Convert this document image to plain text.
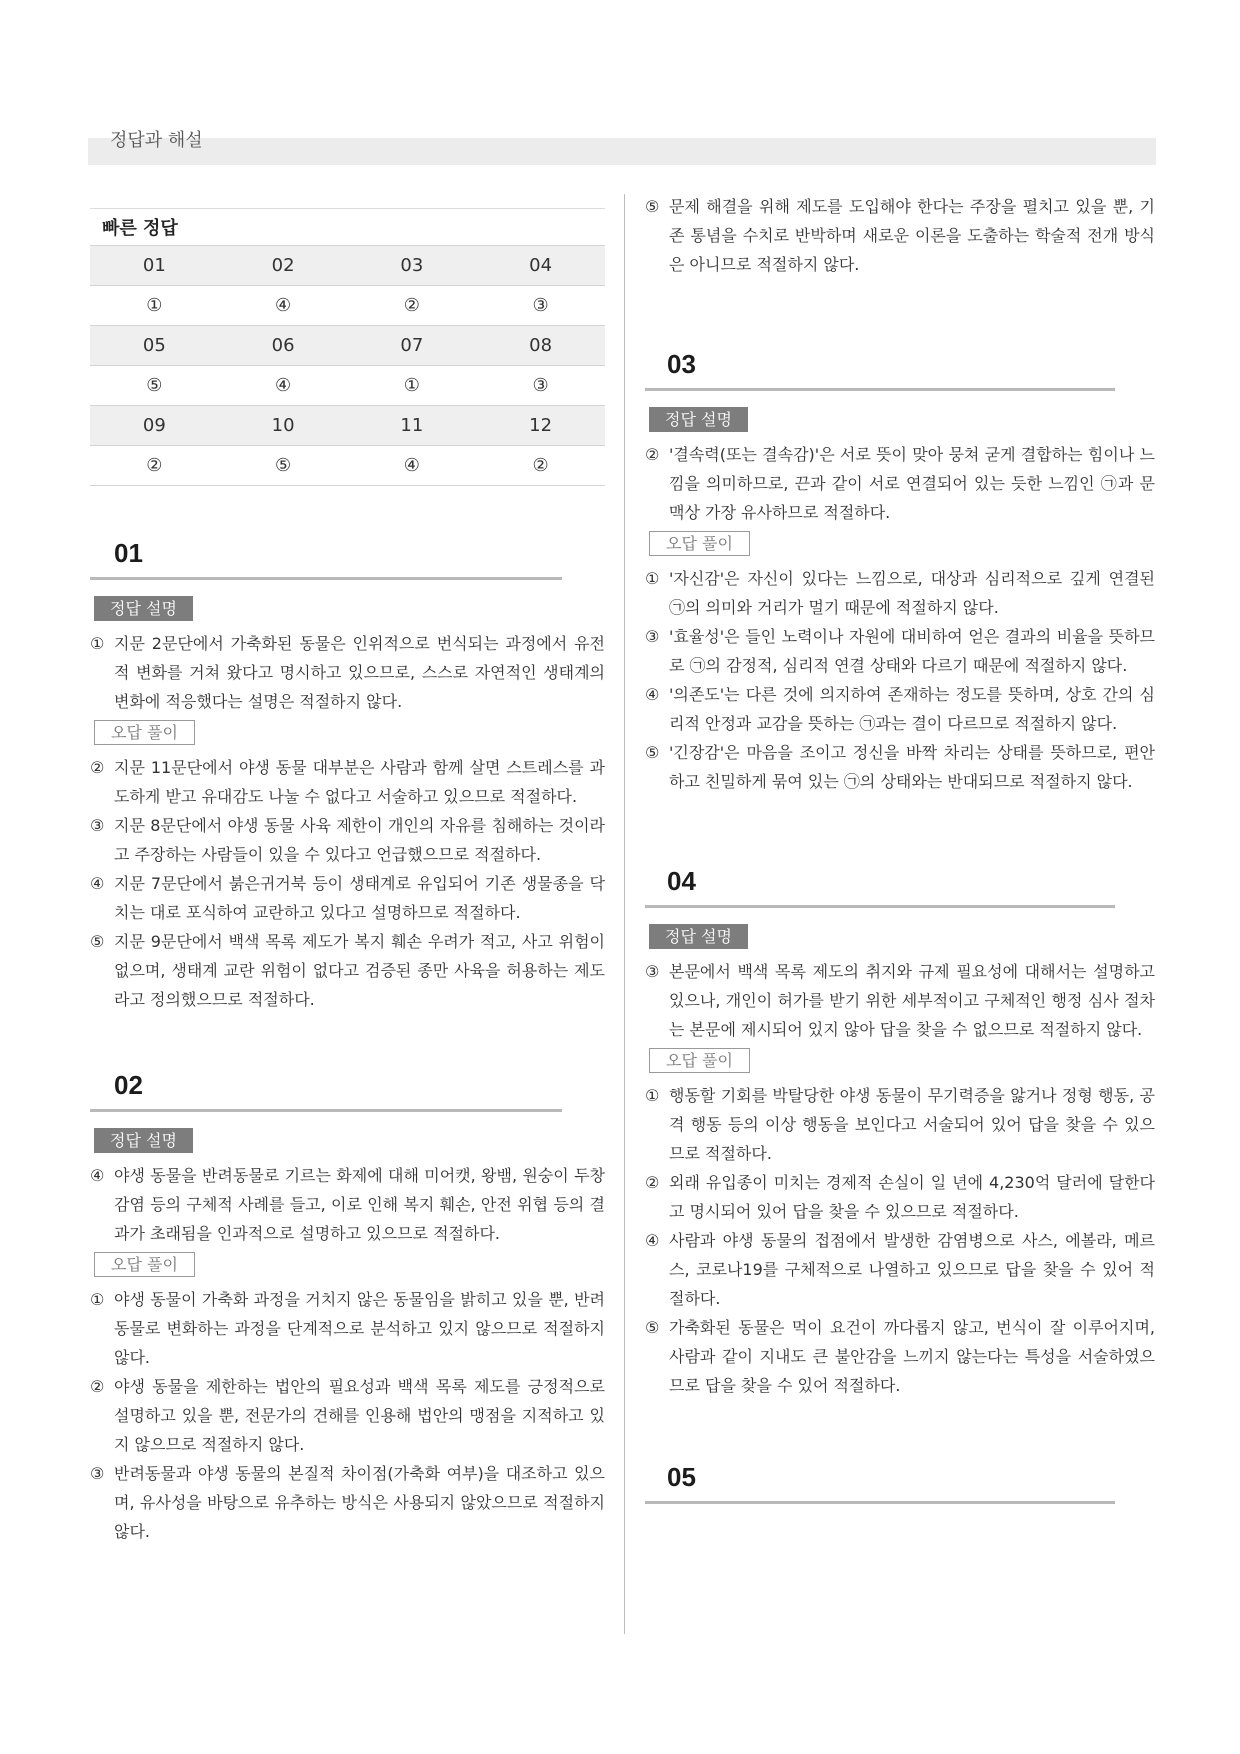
정답과 해설
빠른 정답
01	02	03	04
①	④	②	③
05	06	07	08
⑤	④	①	③
09	10	11	12
②	⑤	④	②
01
정답 설명
① 지문 2문단에서 가축화된 동물은 인위적으로 번식되는 과정에서 유전적 변화를 거쳐 왔다고 명시하고 있으므로, 스스로 자연적인 생태계의 변화에 적응했다는 설명은 적절하지 않다.
오답 풀이
② 지문 11문단에서 야생 동물 대부분은 사람과 함께 살면 스트레스를 과도하게 받고 유대감도 나눌 수 없다고 서술하고 있으므로 적절하다.
③ 지문 8문단에서 야생 동물 사육 제한이 개인의 자유를 침해하는 것이라고 주장하는 사람들이 있을 수 있다고 언급했으므로 적절하다.
④ 지문 7문단에서 붉은귀거북 등이 생태계로 유입되어 기존 생물종을 닥치는 대로 포식하여 교란하고 있다고 설명하므로 적절하다.
⑤ 지문 9문단에서 백색 목록 제도가 복지 훼손 우려가 적고, 사고 위험이 없으며, 생태계 교란 위험이 없다고 검증된 종만 사육을 허용하는 제도라고 정의했으므로 적절하다.
02
정답 설명
④ 야생 동물을 반려동물로 기르는 화제에 대해 미어캣, 왕뱀, 원숭이 두창 감염 등의 구체적 사례를 들고, 이로 인해 복지 훼손, 안전 위협 등의 결과가 초래됨을 인과적으로 설명하고 있으므로 적절하다.
오답 풀이
① 야생 동물이 가축화 과정을 거치지 않은 동물임을 밝히고 있을 뿐, 반려동물로 변화하는 과정을 단계적으로 분석하고 있지 않으므로 적절하지 않다.
② 야생 동물을 제한하는 법안의 필요성과 백색 목록 제도를 긍정적으로 설명하고 있을 뿐, 전문가의 견해를 인용해 법안의 맹점을 지적하고 있지 않으므로 적절하지 않다.
③ 반려동물과 야생 동물의 본질적 차이점(가축화 여부)을 대조하고 있으며, 유사성을 바탕으로 유추하는 방식은 사용되지 않았으므로 적절하지 않다.
⑤ 문제 해결을 위해 제도를 도입해야 한다는 주장을 펼치고 있을 뿐, 기존 통념을 수치로 반박하며 새로운 이론을 도출하는 학술적 전개 방식은 아니므로 적절하지 않다.
03
정답 설명
② '결속력(또는 결속감)'은 서로 뜻이 맞아 뭉쳐 굳게 결합하는 힘이나 느낌을 의미하므로, 끈과 같이 서로 연결되어 있는 듯한 느낌인 ㉠과 문맥상 가장 유사하므로 적절하다.
오답 풀이
① '자신감'은 자신이 있다는 느낌으로, 대상과 심리적으로 깊게 연결된 ㉠의 의미와 거리가 멀기 때문에 적절하지 않다.
③ '효율성'은 들인 노력이나 자원에 대비하여 얻은 결과의 비율을 뜻하므로 ㉠의 감정적, 심리적 연결 상태와 다르기 때문에 적절하지 않다.
④ '의존도'는 다른 것에 의지하여 존재하는 정도를 뜻하며, 상호 간의 심리적 안정과 교감을 뜻하는 ㉠과는 결이 다르므로 적절하지 않다.
⑤ '긴장감'은 마음을 조이고 정신을 바짝 차리는 상태를 뜻하므로, 편안하고 친밀하게 묶여 있는 ㉠의 상태와는 반대되므로 적절하지 않다.
04
정답 설명
③ 본문에서 백색 목록 제도의 취지와 규제 필요성에 대해서는 설명하고 있으나, 개인이 허가를 받기 위한 세부적이고 구체적인 행정 심사 절차는 본문에 제시되어 있지 않아 답을 찾을 수 없으므로 적절하지 않다.
오답 풀이
① 행동할 기회를 박탈당한 야생 동물이 무기력증을 앓거나 정형 행동, 공격 행동 등의 이상 행동을 보인다고 서술되어 있어 답을 찾을 수 있으므로 적절하다.
② 외래 유입종이 미치는 경제적 손실이 일 년에 4,230억 달러에 달한다고 명시되어 있어 답을 찾을 수 있으므로 적절하다.
④ 사람과 야생 동물의 접점에서 발생한 감염병으로 사스, 에볼라, 메르스, 코로나19를 구체적으로 나열하고 있으므로 답을 찾을 수 있어 적절하다.
⑤ 가축화된 동물은 먹이 요건이 까다롭지 않고, 번식이 잘 이루어지며, 사람과 같이 지내도 큰 불안감을 느끼지 않는다는 특성을 서술하였으므로 답을 찾을 수 있어 적절하다.
05
